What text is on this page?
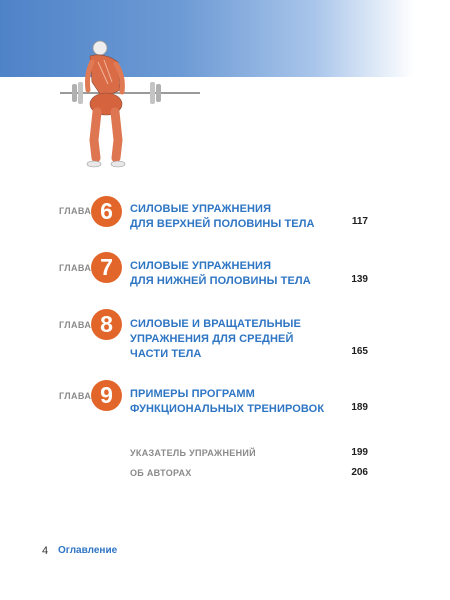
ГЛАВА 6	СИЛОВЫЕ УПРАЖНЕНИЯ
ДЛЯ ВЕРХНЕЙ ПОЛОВИНЫ ТЕЛА	117
ГЛАВА 7	СИЛОВЫЕ УПРАЖНЕНИЯ
ДЛЯ НИЖНЕЙ ПОЛОВИНЫ ТЕЛА	139
ГЛАВА 8	СИЛОВЫЕ И ВРАЩАТЕЛЬНЫЕ
УПРАЖНЕНИЯ ДЛЯ СРЕДНЕЙ
ЧАСТИ ТЕЛА	165
ГЛАВА 9	ПРИМЕРЫ ПРОГРАММ
ФУНКЦИОНАЛЬНЫХ ТРЕНИРОВОК	189
УКАЗАТЕЛЬ УПРАЖНЕНИЙ	199
ОБ АВТОРАХ	206
4 Оглавление
